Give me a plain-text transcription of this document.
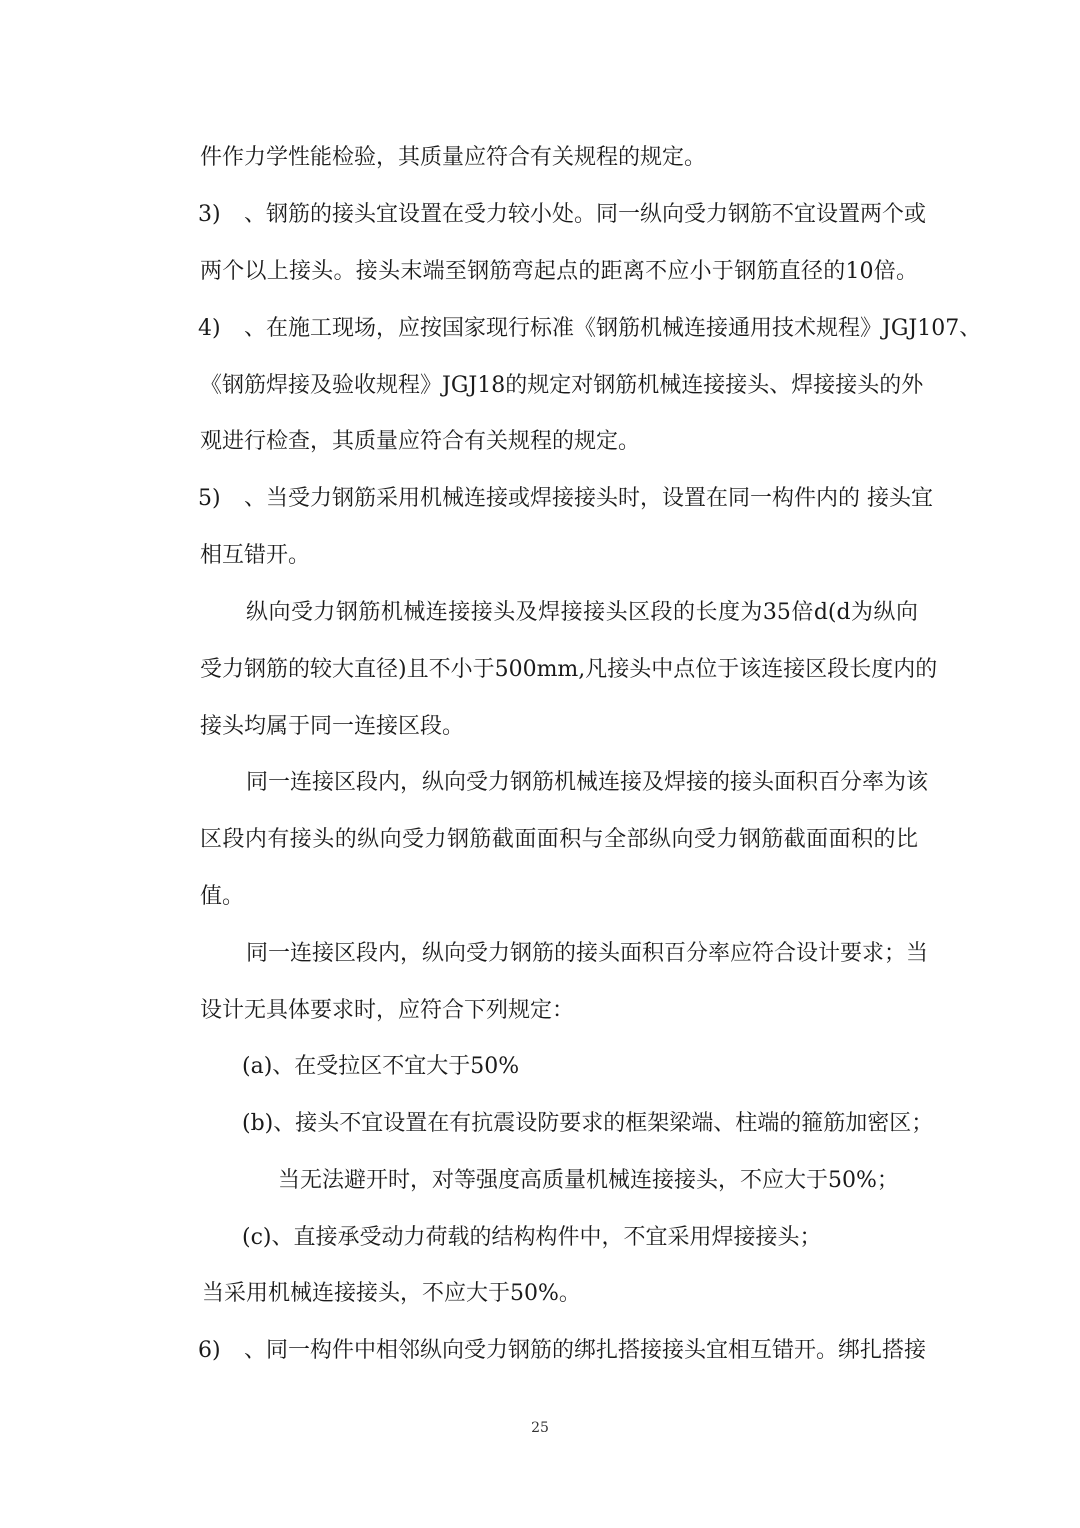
件作力学性能检验，其质量应符合有关规程的规定。
3) 、钢筋的接头宜设置在受力较小处。同一纵向受力钢筋不宜设置两个或
两个以上接头。接头末端至钢筋弯起点的距离不应小于钢筋直径的10倍。
4) 、在施工现场，应按国家现行标准《钢筋机械连接通用技术规程》JGJ107、
《钢筋焊接及验收规程》JGJ18的规定对钢筋机械连接接头、焊接接头的外
观进行检查，其质量应符合有关规程的规定。
5) 、当受力钢筋采用机械连接或焊接接头时，设置在同一构件内的 接头宜
相互错开。
纵向受力钢筋机械连接接头及焊接接头区段的长度为35倍d(d为纵向
受力钢筋的较大直径)且不小于500mm,凡接头中点位于该连接区段长度内的
接头均属于同一连接区段。
同一连接区段内，纵向受力钢筋机械连接及焊接的接头面积百分率为该
区段内有接头的纵向受力钢筋截面面积与全部纵向受力钢筋截面面积的比
值。
同一连接区段内，纵向受力钢筋的接头面积百分率应符合设计要求；当
设计无具体要求时，应符合下列规定：
(a)、在受拉区不宜大于50%
(b)、接头不宜设置在有抗震设防要求的框架梁端、柱端的箍筋加密区；
当无法避开时，对等强度高质量机械连接接头，不应大于50%；
(c)、直接承受动力荷载的结构构件中，不宜采用焊接接头；
当采用机械连接接头，不应大于50%。
6) 、同一构件中相邻纵向受力钢筋的绑扎搭接接头宜相互错开。绑扎搭接
25
